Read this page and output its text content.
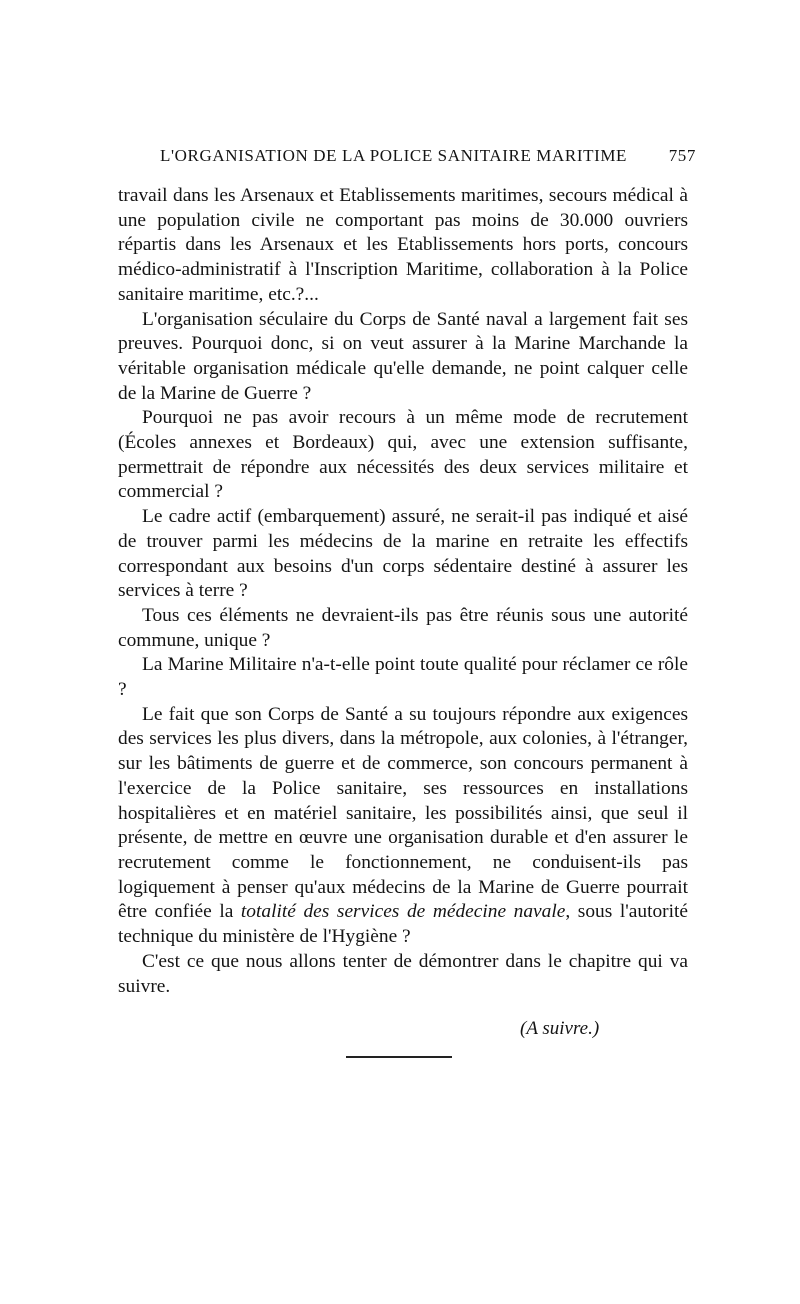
L'ORGANISATION DE LA POLICE SANITAIRE MARITIME 757

travail dans les Arsenaux et Etablissements maritimes, secours médical à une population civile ne comportant pas moins de 30.000 ouvriers répartis dans les Arsenaux et les Etablissements hors ports, concours médico-administratif à l'Inscription Maritime, collaboration à la Police sanitaire maritime, etc.?...

L'organisation séculaire du Corps de Santé naval a largement fait ses preuves. Pourquoi donc, si on veut assurer à la Marine Marchande la véritable organisation médicale qu'elle demande, ne point calquer celle de la Marine de Guerre ?

Pourquoi ne pas avoir recours à un même mode de recrutement (Écoles annexes et Bordeaux) qui, avec une extension suffisante, permettrait de répondre aux nécessités des deux services militaire et commercial ?

Le cadre actif (embarquement) assuré, ne serait-il pas indiqué et aisé de trouver parmi les médecins de la marine en retraite les effectifs correspondant aux besoins d'un corps sédentaire destiné à assurer les services à terre ?

Tous ces éléments ne devraient-ils pas être réunis sous une autorité commune, unique ?

La Marine Militaire n'a-t-elle point toute qualité pour réclamer ce rôle ?

Le fait que son Corps de Santé a su toujours répondre aux exigences des services les plus divers, dans la métropole, aux colonies, à l'étranger, sur les bâtiments de guerre et de commerce, son concours permanent à l'exercice de la Police sanitaire, ses ressources en installations hospitalières et en matériel sanitaire, les possibilités ainsi, que seul il présente, de mettre en œuvre une organisation durable et d'en assurer le recrutement comme le fonctionnement, ne conduisent-ils pas logiquement à penser qu'aux médecins de la Marine de Guerre pourrait être confiée la totalité des services de médecine navale, sous l'autorité technique du ministère de l'Hygiène ?

C'est ce que nous allons tenter de démontrer dans le chapitre qui va suivre.

(A suivre.)
